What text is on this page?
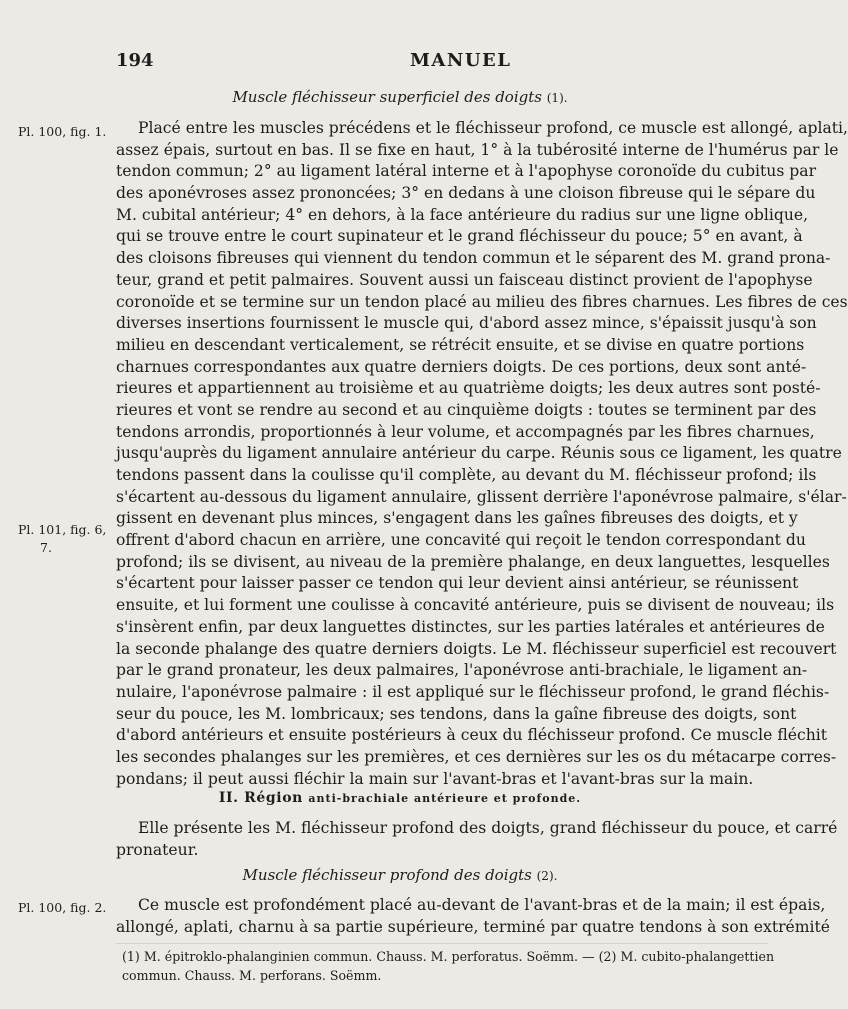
194	MANUEL
Muscle fléchisseur superficiel des doigts (1).
Pl. 100, fig. 1.
Pl. 101, fig. 6,
7.
Pl. 100, fig. 2.
Placé entre les muscles précédens et le fléchisseur profond, ce muscle est allongé, aplati,
assez épais, surtout en bas. Il se fixe en haut, 1° à la tubérosité interne de l'humérus par le
tendon commun; 2° au ligament latéral interne et à l'apophyse coronoïde du cubitus par
des aponévroses assez prononcées; 3° en dedans à une cloison fibreuse qui le sépare du
M. cubital antérieur; 4° en dehors, à la face antérieure du radius sur une ligne oblique,
qui se trouve entre le court supinateur et le grand fléchisseur du pouce; 5° en avant, à
des cloisons fibreuses qui viennent du tendon commun et le séparent des M. grand prona-
teur, grand et petit palmaires. Souvent aussi un faisceau distinct provient de l'apophyse
coronoïde et se termine sur un tendon placé au milieu des fibres charnues. Les fibres de ces
diverses insertions fournissent le muscle qui, d'abord assez mince, s'épaissit jusqu'à son
milieu en descendant verticalement, se rétrécit ensuite, et se divise en quatre portions
charnues correspondantes aux quatre derniers doigts. De ces portions, deux sont anté-
rieures et appartiennent au troisième et au quatrième doigts; les deux autres sont posté-
rieures et vont se rendre au second et au cinquième doigts : toutes se terminent par des
tendons arrondis, proportionnés à leur volume, et accompagnés par les fibres charnues,
jusqu'auprès du ligament annulaire antérieur du carpe. Réunis sous ce ligament, les quatre
tendons passent dans la coulisse qu'il complète, au devant du M. fléchisseur profond; ils
s'écartent au-dessous du ligament annulaire, glissent derrière l'aponévrose palmaire, s'élar-
gissent en devenant plus minces, s'engagent dans les gaînes fibreuses des doigts, et y
offrent d'abord chacun en arrière, une concavité qui reçoit le tendon correspondant du
profond; ils se divisent, au niveau de la première phalange, en deux languettes, lesquelles
s'écartent pour laisser passer ce tendon qui leur devient ainsi antérieur, se réunissent
ensuite, et lui forment une coulisse à concavité antérieure, puis se divisent de nouveau; ils
s'insèrent enfin, par deux languettes distinctes, sur les parties latérales et antérieures de
la seconde phalange des quatre derniers doigts. Le M. fléchisseur superficiel est recouvert
par le grand pronateur, les deux palmaires, l'aponévrose anti-brachiale, le ligament an-
nulaire, l'aponévrose palmaire : il est appliqué sur le fléchisseur profond, le grand fléchis-
seur du pouce, les M. lombricaux; ses tendons, dans la gaîne fibreuse des doigts, sont
d'abord antérieurs et ensuite postérieurs à ceux du fléchisseur profond. Ce muscle fléchit
les secondes phalanges sur les premières, et ces dernières sur les os du métacarpe corres-
pondans; il peut aussi fléchir la main sur l'avant-bras et l'avant-bras sur la main.
II. Région anti-brachiale antérieure et profonde.
Elle présente les M. fléchisseur profond des doigts, grand fléchisseur du pouce, et carré
pronateur.
Muscle fléchisseur profond des doigts (2).
Ce muscle est profondément placé au-devant de l'avant-bras et de la main; il est épais,
allongé, aplati, charnu à sa partie supérieure, terminé par quatre tendons à son extrémité
(1) M. épitroklo-phalanginien commun. Chauss. M. perforatus. Soëmm. — (2) M. cubito-phalangettien
commun. Chauss. M. perforans. Soëmm.
